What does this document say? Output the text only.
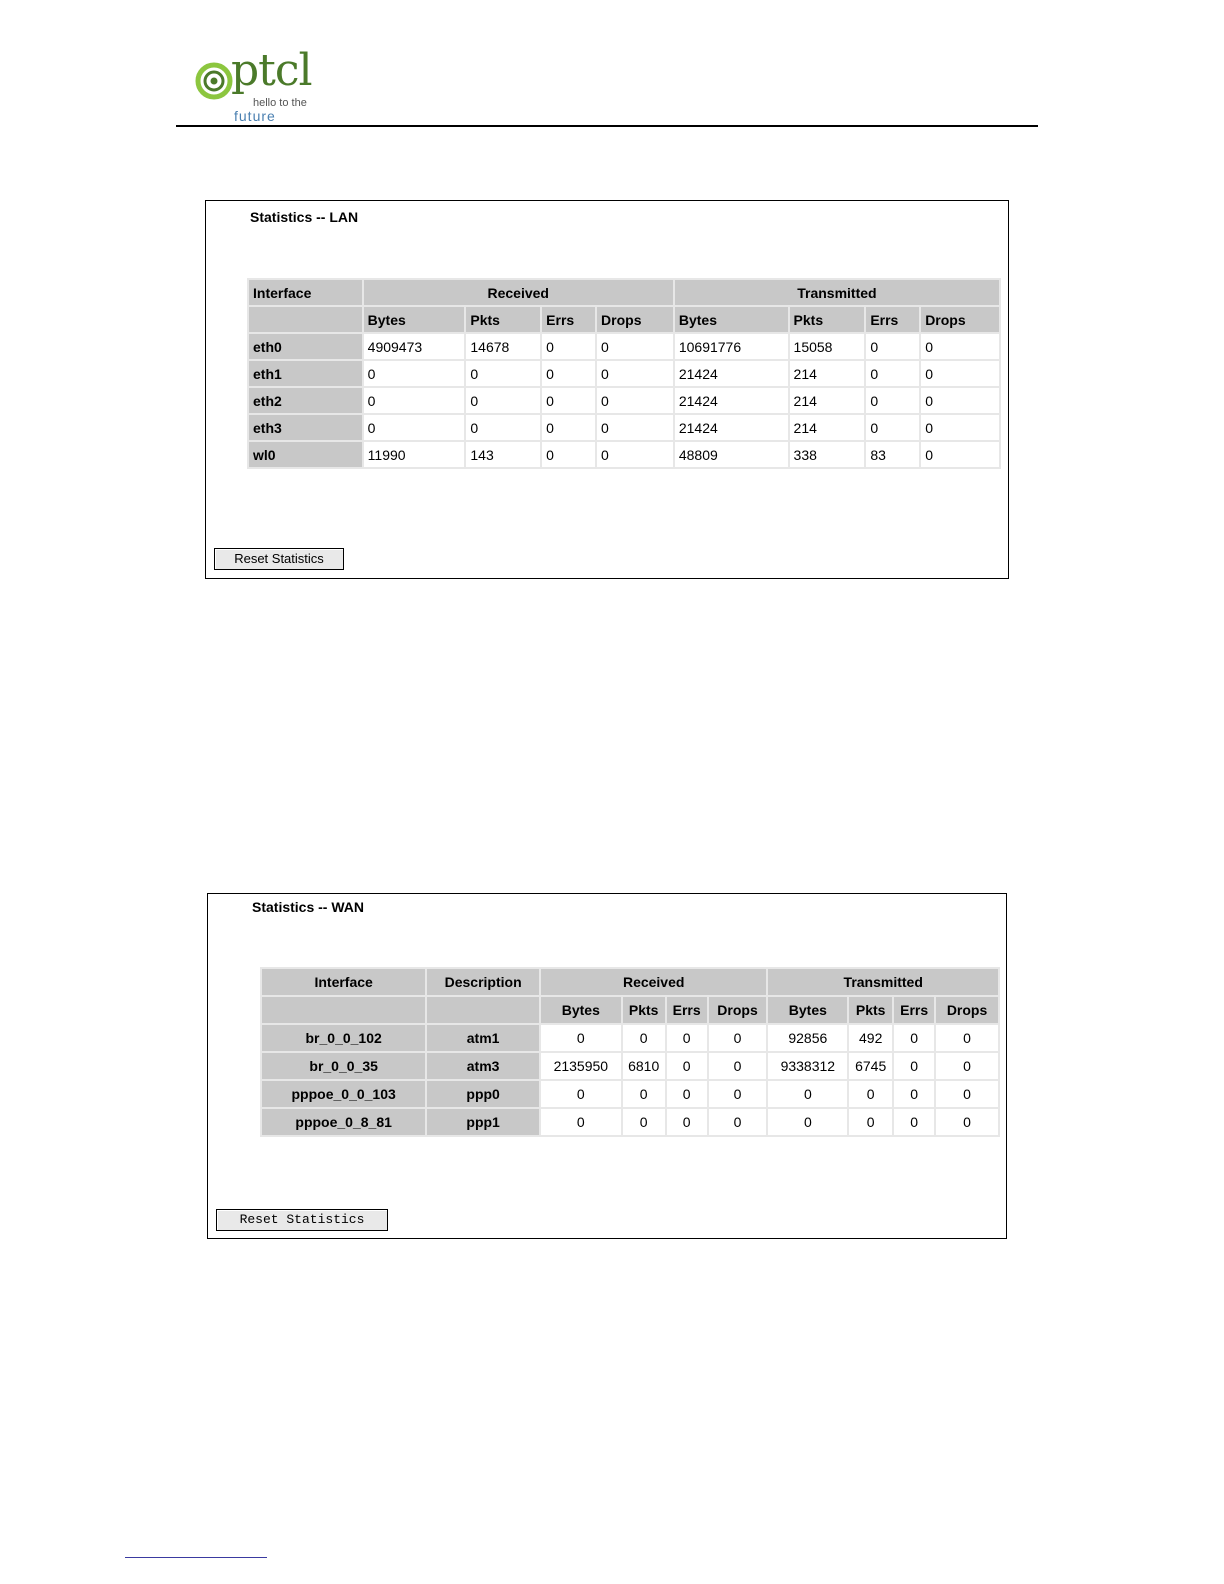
ptcl
hello to the
future
Statistics -- LAN
Interface	Received				Transmitted			
	Bytes	Pkts	Errs	Drops	Bytes	Pkts	Errs	Drops
eth0	4909473	14678	0	0	10691776	15058	0	0
eth1	0	0	0	0	21424	214	0	0
eth2	0	0	0	0	21424	214	0	0
eth3	0	0	0	0	21424	214	0	0
wl0	11990	143	0	0	48809	338	83	0
Reset Statistics
Statistics -- WAN
Interface	Description	Received				Transmitted			
		Bytes	Pkts	Errs	Drops	Bytes	Pkts	Errs	Drops
br_0_0_102	atm1	0	0	0	0	92856	492	0	0
br_0_0_35	atm3	2135950	6810	0	0	9338312	6745	0	0
pppoe_0_0_103	ppp0	0	0	0	0	0	0	0	0
pppoe_0_8_81	ppp1	0	0	0	0	0	0	0	0
Reset Statistics
